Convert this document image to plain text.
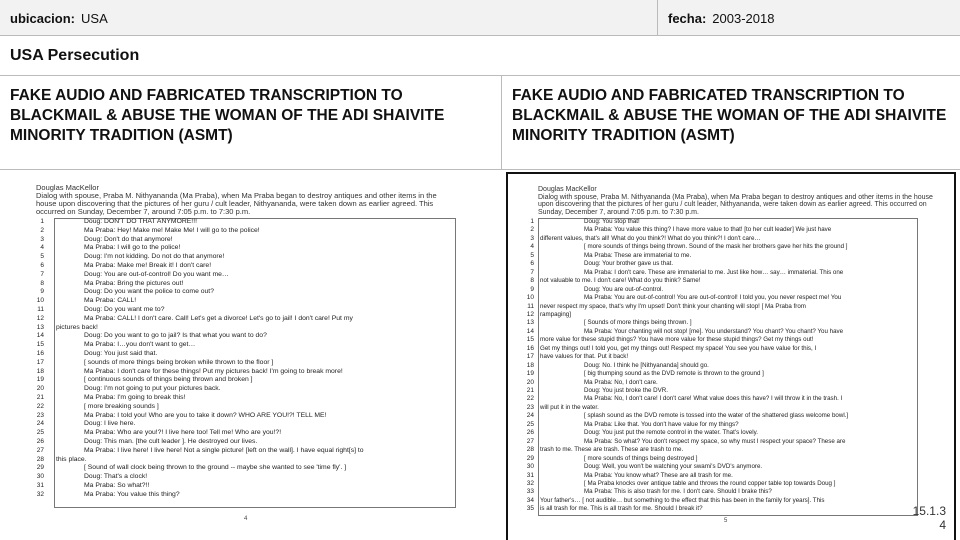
ubicacion: USA	fecha: 2003-2018
USA Persecution
FAKE AUDIO AND FABRICATED TRANSCRIPTION TO BLACKMAIL & ABUSE THE WOMAN OF THE ADI SHAIVITE MINORITY TRADITION (ASMT)
FAKE AUDIO AND FABRICATED TRANSCRIPTION TO BLACKMAIL & ABUSE THE WOMAN OF THE ADI SHAIVITE MINORITY TRADITION (ASMT)
Douglas MacKellor
Dialog with spouse, Praba M. Nithyananda (Ma Praba), when Ma Praba began to destroy antiques and other items in the house upon discovering that the pictures of her guru / cult leader, Nithyananda, were taken down as earlier agreed. This occurred on Sunday, December 7, around 7:05 p.m. to 7:30 p.m.
1	Doug: DON'T DO THAT ANYMORE!!!
2	Ma Praba: Hey! Make me! Make Me! I will go to the police!
3	Doug: Don't do that anymore!
4	Ma Praba: I will go to the police!
5	Doug: I'm not kidding. Do not do that anymore!
6	Ma Praba: Make me! Break it! I don't care!
7	Doug: You are out-of-control! Do you want me…
8	Ma Praba: Bring the pictures out!
9	Doug: Do you want the police to come out?
10	Ma Praba: CALL!
11	Doug: Do you want me to?
12	Ma Praba: CALL! I don't care. Call! Let's get a divorce! Let's go to jail! I don't care! Put my
13 pictures back!
14	Doug: Do you want to go to jail? Is that what you want to do?
15	Ma Praba: I…you don't want to get…
16	Doug: You just said that.
17	[ sounds of more things being broken while thrown to the floor ]
18	Ma Praba: I don't care for these things! Put my pictures back! I'm going to break more!
19	[ continuous sounds of things being thrown and broken ]
20	Doug: I'm not going to put your pictures back.
21	Ma Praba: I'm going to break this!
22	[ more breaking sounds ]
23	Ma Praba: I told you! Who are you to take it down? WHO ARE YOU!?! TELL ME!
24	Doug: I live here.
25	Ma Praba: Who are you!?! I live here too! Tell me! Who are you!?!
26	Doug: This man. [the cult leader ]. He destroyed our lives.
27	Ma Praba: I live here! I live here! Not a single picture! [left on the wall]. I have equal right[s] to
28 this place.
29	[ Sound of wall clock being thrown to the ground -- maybe she wanted to see 'time fly'. ]
30	Doug: That's a clock!
31	Ma Praba: So what?!!
32	Ma Praba: You value this thing?
4
Douglas MacKellor
Dialog with spouse, Praba M. Nithyananda (Ma Praba), when Ma Praba began to destroy antiques and other items in the house upon discovering that the pictures of her guru / cult leader, Nithyananda, were taken down as earlier agreed. This occurred on Sunday, December 7, around 7:05 p.m. to 7:30 p.m.
1	Doug: You stop that!
2	Ma Praba: You value this thing? I have more value to that! [to her cult leader] We just have
3 different values, that's all! What do you think?! What do you think?! I don't care…
4	[ more sounds of things being thrown. Sound of the mask her brothers gave her hits the ground ]
5	Ma Praba: These are immaterial to me.
6	Doug: Your brother gave us that.
7	Ma Praba: I don't care. These are immaterial to me. Just like how… say… immaterial. This one
8 not valuable to me. I don't care! What do you think? Same!
9	Doug: You are out-of-control.
10	Ma Praba: You are out-of-control! You are out-of-control! I told you, you never respect me! You
11 never respect my space, that's why I'm upset! Don't think your chanting will stop! [ Ma Praba from
12 rampaging]
13	[ Sounds of more things being thrown. ]
14	Ma Praba: Your chanting will not stop! [me]. You understand? You chant? You chant? You have
15 more value for these stupid things? You have more value for these stupid things? Get my things out!
16 Get my things out! I told you, get my things out! Respect my space! You see you have value for this, I
17 have values for that. Put it back!
18	Doug: No. I think he [Nithyananda] should go.
19	[ big thumping sound as the DVD remote is thrown to the ground ]
20	Ma Praba: No, I don't care.
21	Doug: You just broke the DVR.
22	Ma Praba: No, I don't care! I don't care! What value does this have? I will throw it in the trash. I
23 will put it in the water.
24	[ splash sound as the DVD remote is tossed into the water of the shattered glass welcome bowl.]
25	Ma Praba: Like that. You don't have value for my things?
26	Doug: You just put the remote control in the water. That's lovely.
27	Ma Praba: So what? You don't respect my space, so why must I respect your space? These are
28 trash to me. These are trash. These are trash to me.
29	[ more sounds of things being destroyed ]
30	Doug: Well, you won't be watching your swami's DVD's anymore.
31	Ma Praba: You know what? These are all trash for me.
32	[ Ma Praba knocks over antique table and throws the round copper table top towards Doug ]
33	Ma Praba: This is also trash for me. I don't care. Should I brake this?
34 Your father's… [ not audible… but something to the effect that this has been in the family for years]. This
35 is all trash for me. This is all trash for me. Should I break it?
5
15.1.3
4
